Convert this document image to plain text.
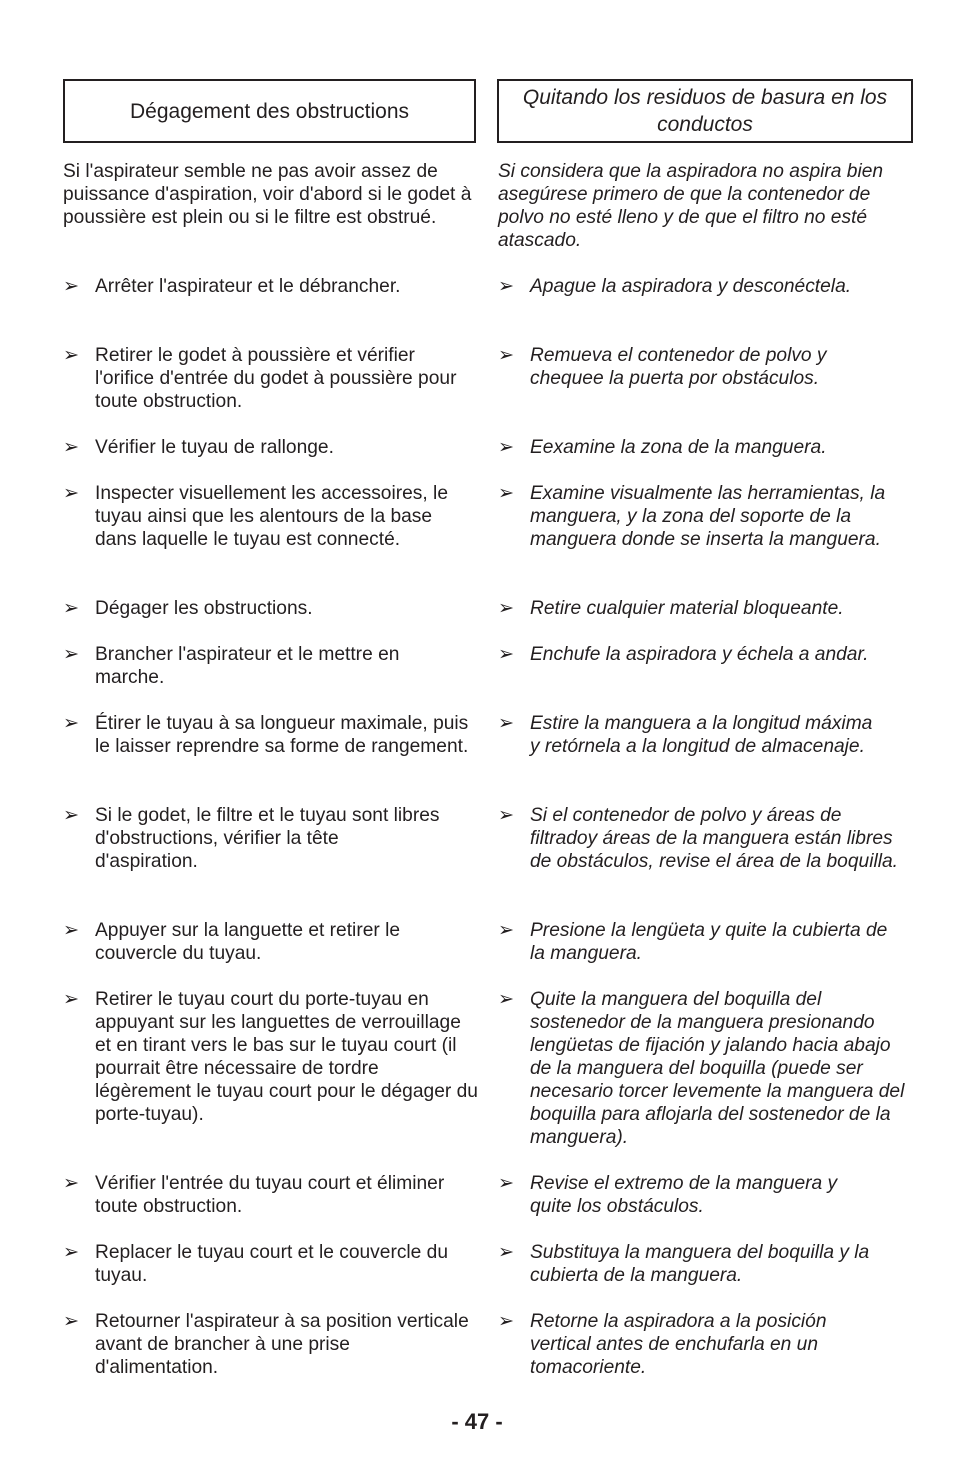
Dégagement des obstructions
Quitando los residuos de basura en los conductos
Si l'aspirateur semble ne pas avoir assez de puissance d'aspiration, voir d'abord si le godet à poussière est plein ou si le filtre est obstrué.
➢ Arrêter l'aspirateur et le débrancher.
➢ Retirer le godet à poussière et vérifier l'orifice d'entrée du godet à poussière pour toute obstruction.
➢ Vérifier le tuyau de rallonge.
➢ Inspecter visuellement les accessoires, le tuyau ainsi que les alentours de la base dans laquelle le tuyau est connecté.
➢ Dégager les obstructions.
➢ Brancher l'aspirateur et le mettre en marche.
➢ Étirer le tuyau à sa longueur maximale, puis le laisser reprendre sa forme de rangement.
➢ Si le godet, le filtre et le tuyau sont libres d'obstructions, vérifier la tête d'aspiration.
➢ Appuyer sur la languette et retirer le couvercle du tuyau.
➢ Retirer le tuyau court du porte-tuyau en appuyant sur les languettes de verrouillage et en tirant vers le bas sur le tuyau court (il pourrait être nécessaire de tordre légèrement le tuyau court pour le dégager du porte-tuyau).
➢ Vérifier l'entrée du tuyau court et éliminer toute obstruction.
➢ Replacer le tuyau court et le couvercle du tuyau.
➢ Retourner l'aspirateur à sa position verticale avant de brancher à une prise d'alimentation.
Si considera que la aspiradora no aspira bien asegúrese primero de que la contenedor de polvo no esté lleno y de que el filtro no esté atascado.
➢ Apague la aspiradora y desconéctela.
➢ Remueva el contenedor de polvo y chequee la puerta por obstáculos.
➢ Eexamine la zona de la manguera.
➢ Examine visualmente las herramientas, la manguera, y la zona del soporte de la manguera donde se inserta la manguera.
➢ Retire cualquier material bloqueante.
➢ Enchufe la aspiradora y échela a andar.
➢ Estire la manguera a la longitud máxima y retórnela a la longitud de almacenaje.
➢ Si el contenedor de polvo y áreas de filtradoy áreas de la manguera están libres de obstáculos, revise el área de la boquilla.
➢ Presione la lengüeta y quite la cubierta de la manguera.
➢ Quite la manguera del boquilla del sostenedor de la manguera presionando lengüetas de fijación y jalando hacia abajo de la manguera del boquilla (puede ser necesario torcer levemente la manguera del boquilla para aflojarla del sostenedor de la manguera).
➢ Revise el extremo de la manguera y quite los obstáculos.
➢ Substituya la manguera del boquilla y la cubierta de la manguera.
➢ Retorne la aspiradora a la posición vertical antes de enchufarla en un tomacoriente.
- 47 -
